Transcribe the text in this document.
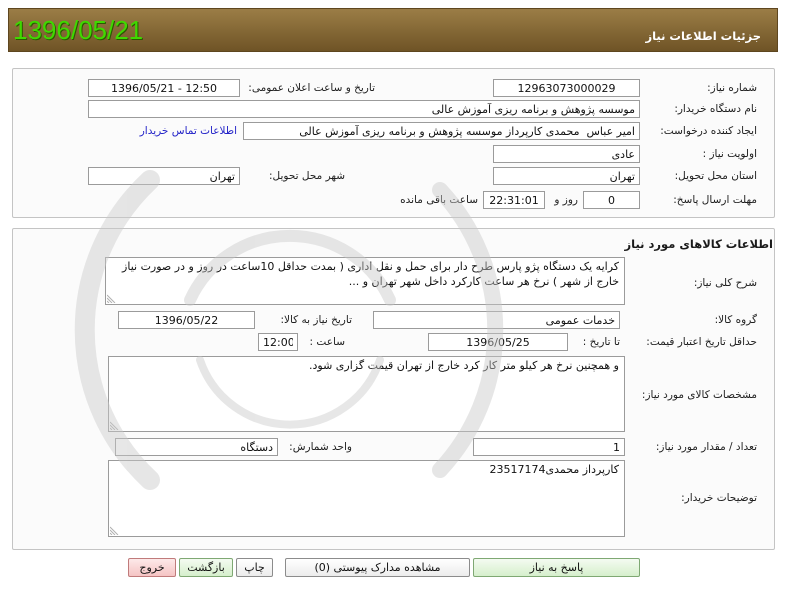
1396/05/21	جزئیات اطلاعات نیاز
شماره نیاز:
12963073000029
تاریخ و ساعت اعلان عمومی:
1396/05/21 - 12:50
نام دستگاه خریدار:
موسسه پژوهش و برنامه ریزی آموزش عالی
ایجاد کننده درخواست:
امیر عباس محمدی کارپرداز موسسه پژوهش و برنامه ریزی آموزش عالی
اطلاعات تماس خریدار
اولویت نیاز :
عادی
استان محل تحویل:
تهران
شهر محل تحویل:
تهران
مهلت ارسال پاسخ:
0
روز و
22:31:01
ساعت باقی مانده
اطلاعات کالاهای مورد نیاز
شرح کلی نیاز:
کرایه یک دستگاه پژو پارس طرح دار برای حمل و نقل اداری ( بمدت حداقل 10ساعت در روز و در صورت نیاز خارج از شهر ) نرخ هر ساعت کارکرد داخل شهر تهران و ...
گروه کالا:
خدمات عمومی
تاریخ نیاز به کالا:
1396/05/22
حداقل تاریخ اعتبار قیمت:
تا تاریخ :
1396/05/25
ساعت :
12:00
مشخصات کالای مورد نیاز:
و همچنین نرخ هر کیلو متر کار کرد خارج از تهران قیمت گزاری شود.
تعداد / مقدار مورد نیاز:
1
واحد شمارش:
دستگاه
توضیحات خریدار:
کارپرداز محمدی23517174
پاسخ به نیاز
مشاهده مدارک پیوستی (0)
چاپ
بازگشت
خروج
